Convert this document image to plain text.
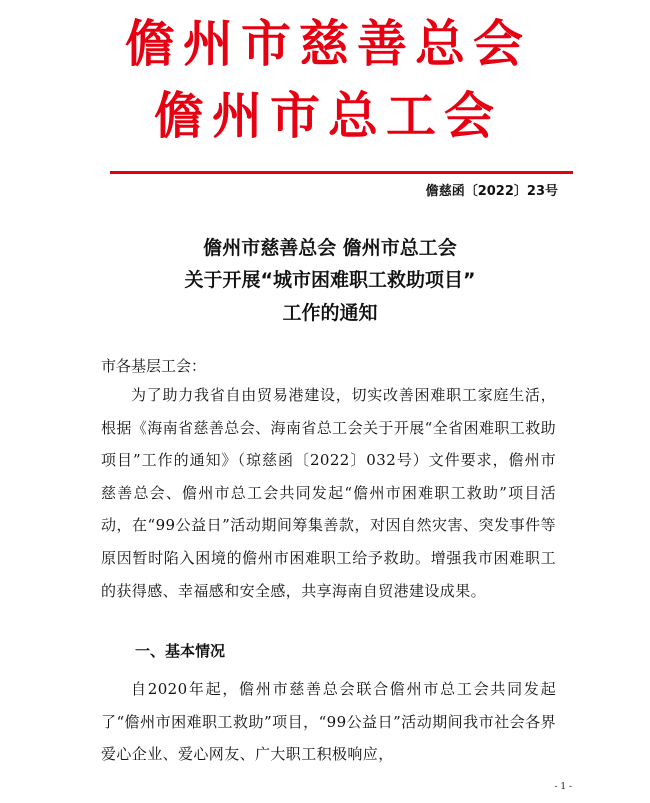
儋州市慈善总会
儋州市总工会
儋慈函〔2022〕23号
儋州市慈善总会 儋州市总工会
关于开展“城市困难职工救助项目”
工作的通知
市各基层工会：
为了助力我省自由贸易港建设，切实改善困难职工家庭生活，根据《海南省慈善总会、海南省总工会关于开展“全省困难职工救助项目”工作的通知》（琼慈函〔2022〕032号）文件要求，儋州市慈善总会、儋州市总工会共同发起“儋州市困难职工救助”项目活动，在“99公益日”活动期间筹集善款，对因自然灾害、突发事件等原因暂时陷入困境的儋州市困难职工给予救助。增强我市困难职工的获得感、幸福感和安全感，共享海南自贸港建设成果。
一、基本情况
自2020年起，儋州市慈善总会联合儋州市总工会共同发起了“儋州市困难职工救助”项目，“99公益日”活动期间我市社会各界爱心企业、爱心网友、广大职工积极响应，
- 1 -
